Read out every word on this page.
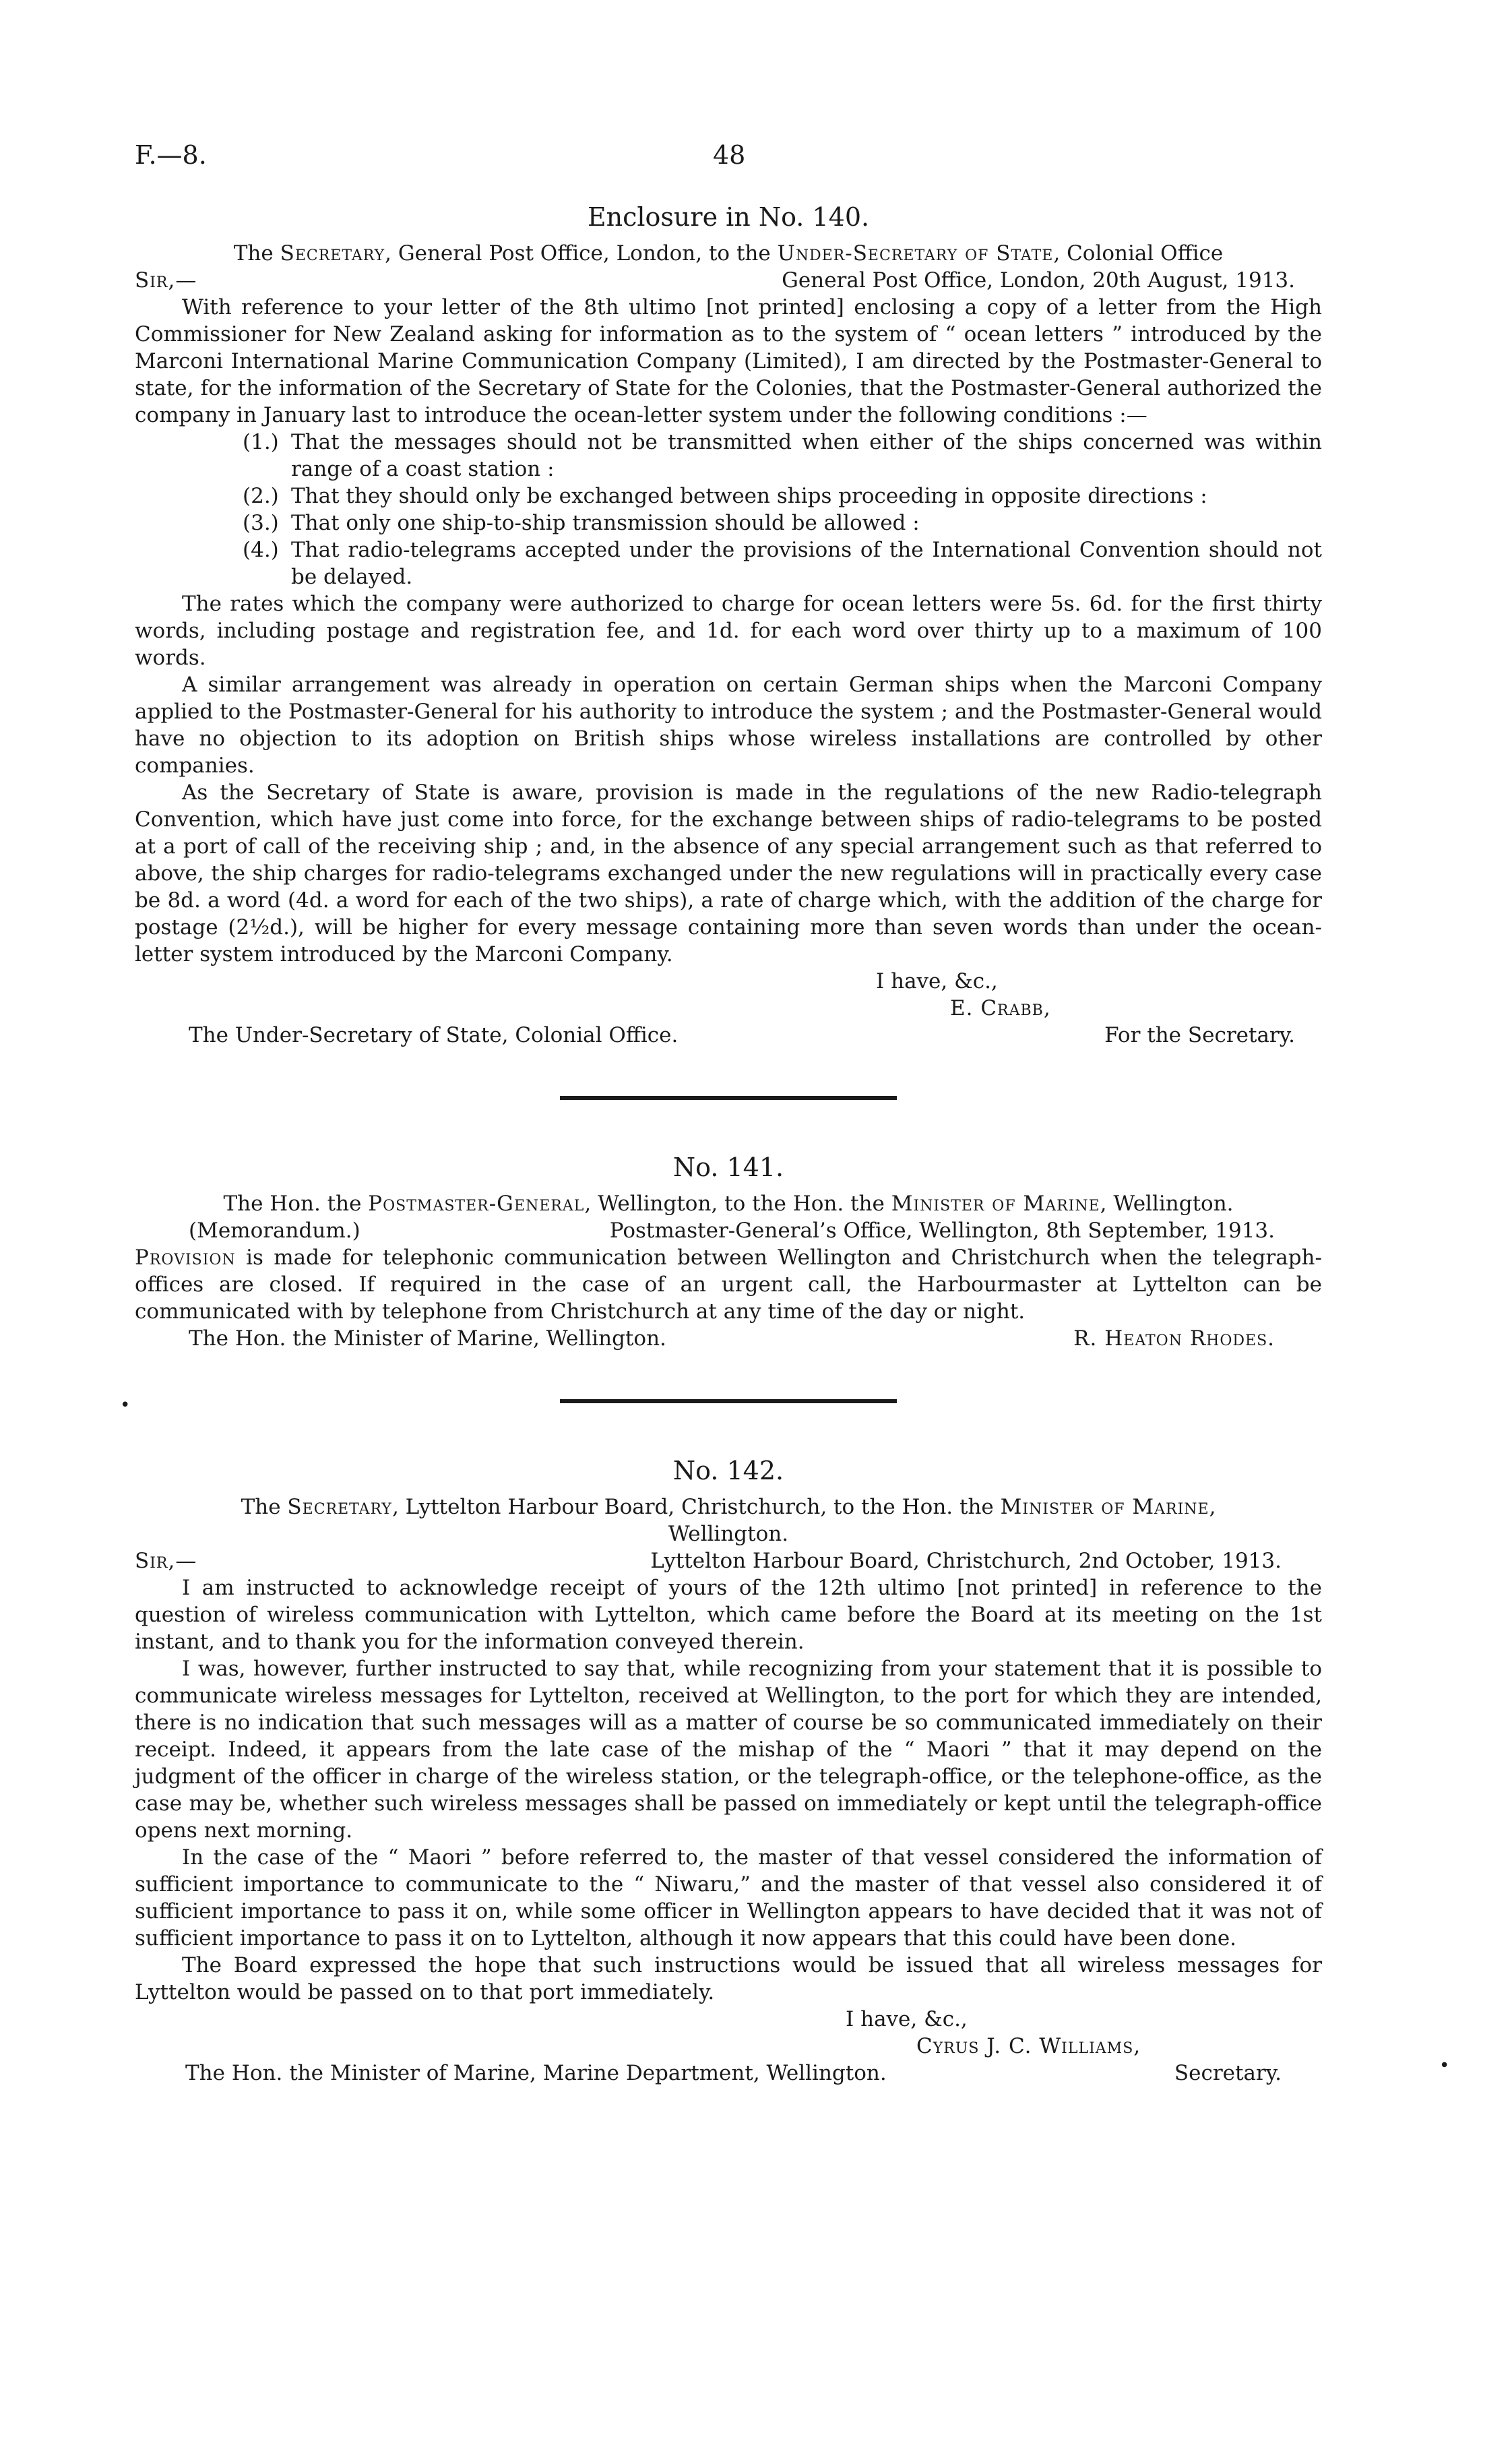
F.—8.	48
Enclosure in No. 140.

The Secretary, General Post Office, London, to the Under-Secretary of State, Colonial Office

Sir,—	General Post Office, London, 20th August, 1913.

With reference to your letter of the 8th ultimo [not printed] enclosing a copy of a letter from the High Commissioner for New Zealand asking for information as to the system of “ ocean letters ” introduced by the Marconi International Marine Communication Company (Limited), I am directed by the Postmaster-General to state, for the information of the Secretary of State for the Colonies, that the Postmaster-General authorized the company in January last to introduce the ocean-letter system under the following conditions :—

(1.) That the messages should not be transmitted when either of the ships concerned was within range of a coast station :
(2.) That they should only be exchanged between ships proceeding in opposite directions :
(3.) That only one ship-to-ship transmission should be allowed :
(4.) That radio-telegrams accepted under the provisions of the International Convention should not be delayed.

The rates which the company were authorized to charge for ocean letters were 5s. 6d. for the first thirty words, including postage and registration fee, and 1d. for each word over thirty up to a maximum of 100 words.

A similar arrangement was already in operation on certain German ships when the Marconi Company applied to the Postmaster-General for his authority to introduce the system ; and the Postmaster-General would have no objection to its adoption on British ships whose wireless installations are controlled by other companies.

As the Secretary of State is aware, provision is made in the regulations of the new Radio-telegraph Convention, which have just come into force, for the exchange between ships of radio-telegrams to be posted at a port of call of the receiving ship ; and, in the absence of any special arrangement such as that referred to above, the ship charges for radio-telegrams exchanged under the new regulations will in practically every case be 8d. a word (4d. a word for each of the two ships), a rate of charge which, with the addition of the charge for postage (2½d.), will be higher for every message containing more than seven words than under the ocean-letter system introduced by the Marconi Company.

I have, &c.,

E. Crabb,

The Under-Secretary of State, Colonial Office.	For the Secretary.
No. 141.

The Hon. the Postmaster-General, Wellington, to the Hon. the Minister of Marine, Wellington.

(Memorandum.)	Postmaster-General’s Office, Wellington, 8th September, 1913.

Provision is made for telephonic communication between Wellington and Christchurch when the telegraph-offices are closed. If required in the case of an urgent call, the Harbourmaster at Lyttelton can be communicated with by telephone from Christchurch at any time of the day or night.

The Hon. the Minister of Marine, Wellington.	R. Heaton Rhodes.
No. 142.

The Secretary, Lyttelton Harbour Board, Christchurch, to the Hon. the Minister of Marine,

Wellington.

Sir,—	Lyttelton Harbour Board, Christchurch, 2nd October, 1913.

I am instructed to acknowledge receipt of yours of the 12th ultimo [not printed] in reference to the question of wireless communication with Lyttelton, which came before the Board at its meeting on the 1st instant, and to thank you for the information conveyed therein.

I was, however, further instructed to say that, while recognizing from your statement that it is possible to communicate wireless messages for Lyttelton, received at Wellington, to the port for which they are intended, there is no indication that such messages will as a matter of course be so communicated immediately on their receipt. Indeed, it appears from the late case of the mishap of the “ Maori ” that it may depend on the judgment of the officer in charge of the wireless station, or the telegraph-office, or the telephone-office, as the case may be, whether such wireless messages shall be passed on immediately or kept until the telegraph-office opens next morning.

In the case of the “ Maori ” before referred to, the master of that vessel considered the information of sufficient importance to communicate to the “ Niwaru,” and the master of that vessel also considered it of sufficient importance to pass it on, while some officer in Wellington appears to have decided that it was not of sufficient importance to pass it on to Lyttelton, although it now appears that this could have been done.

The Board expressed the hope that such instructions would be issued that all wireless messages for Lyttelton would be passed on to that port immediately.

I have, &c.,

Cyrus J. C. Williams,

The Hon. the Minister of Marine, Marine Department, Wellington.	Secretary.
•
•
